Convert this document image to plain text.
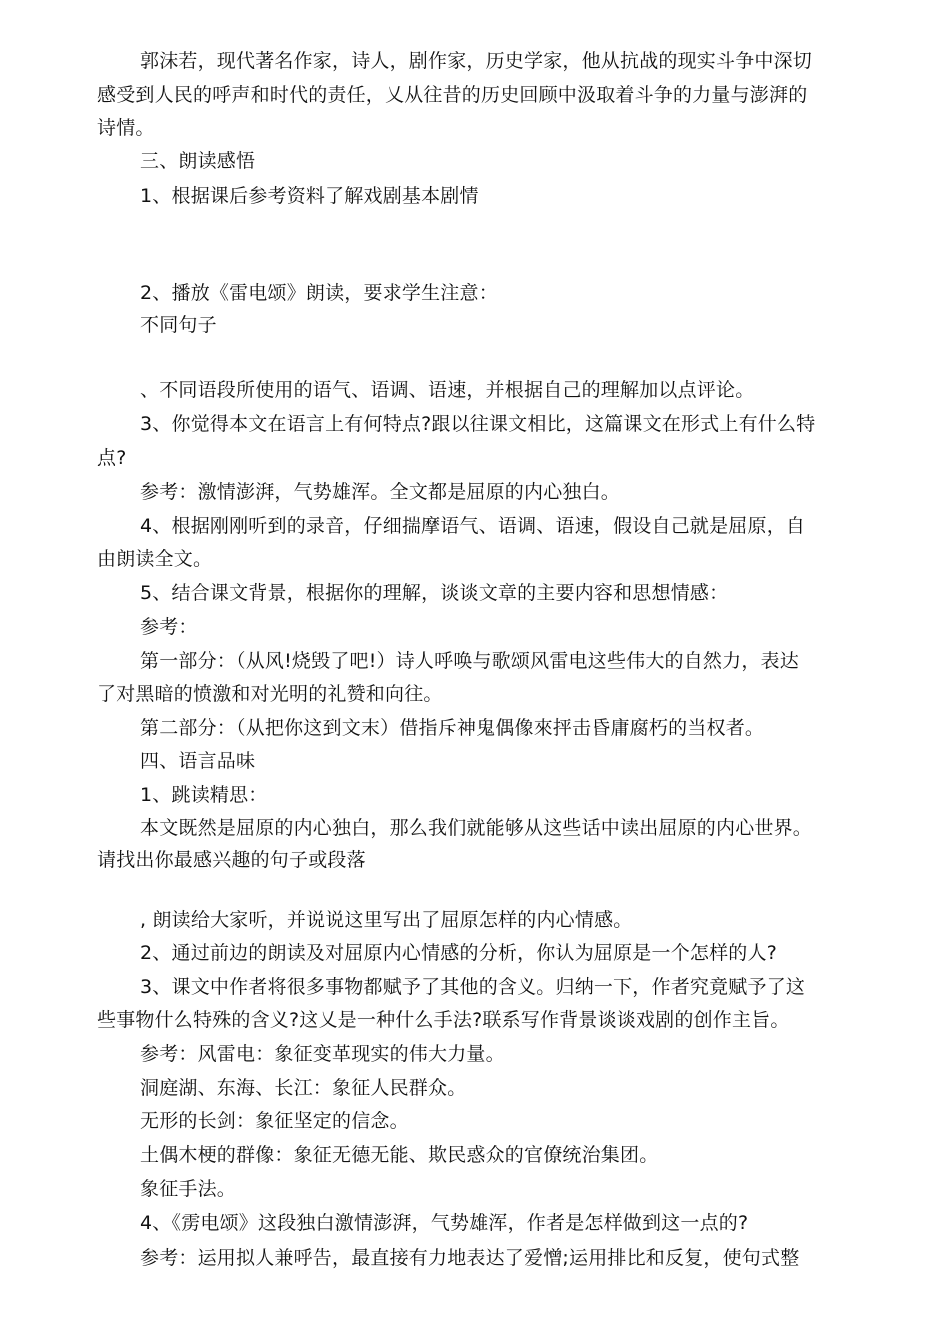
郭沫若，现代著名作家，诗人，剧作家，历史学家，他从抗战的现实斗争中深切
感受到人民的呼声和时代的责任，乂从往昔的历史回顾中汲取着斗争的力量与澎湃的
诗情。
三、朗读感悟
1、根据课后参考资料了解戏剧基本剧情
2、播放《雷电颂》朗读，要求学生注意：
不同句子
、不同语段所使用的语气、语调、语速，并根据自己的理解加以点评论。
3、你觉得本文在语言上有何特点?跟以往课文相比，这篇课文在形式上有什么特
点?
参考：激情澎湃，气势雄浑。全文都是屈原的内心独白。
4、根据刚刚听到的录音，仔细揣摩语气、语调、语速，假设自己就是屈原，自
由朗读全文。
5、结合课文背景，根据你的理解，谈谈文章的主要内容和思想情感：
参考：
第一部分：（从风!烧毁了吧!）诗人呼唤与歌颂风雷电这些伟大的自然力，表达
了对黑暗的愤激和对光明的礼赞和向往。
第二部分：（从把你这到文末）借指斥神鬼偶像來抨击昏庸腐朽的当权者。
四、语言品味
1、跳读精思：
本文既然是屈原的内心独白，那么我们就能够从这些话中读出屈原的内心世界。
请找出你最感兴趣的句子或段落
, 朗读给大家听，并说说这里写出了屈原怎样的内心情感。
2、通过前边的朗读及对屈原内心情感的分析，你认为屈原是一个怎样的人?
3、课文中作者将很多事物都赋予了其他的含义。归纳一下，作者究竟赋予了这
些事物什么特殊的含义?这乂是一种什么手法?联系写作背景谈谈戏剧的创作主旨。
参考：风雷电：象征变革现实的伟大力量。
洞庭湖、东海、长江：象征人民群众。
无形的长剑：象征坚定的信念。
土偶木梗的群像：象征无德无能、欺民惑众的官僚统治集团。
象征手法。
4、《雳电颂》这段独白激情澎湃，气势雄浑，作者是怎样做到这一点的?
参考：运用拟人兼呼告，最直接有力地表达了爱憎;运用排比和反复，使句式整
